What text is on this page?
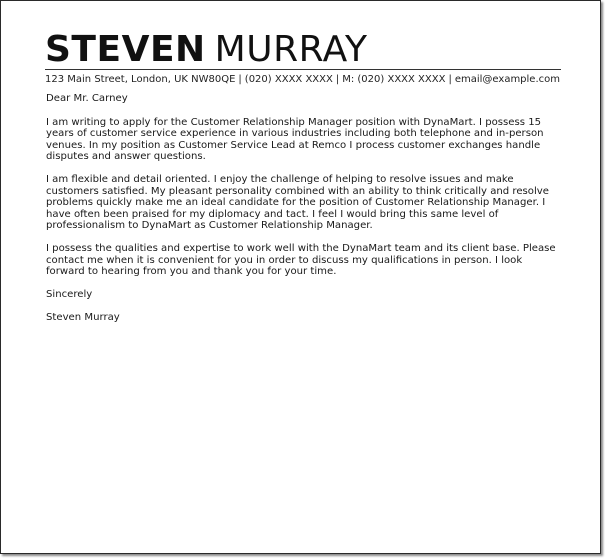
STEVEN MURRAY
123 Main Street, London, UK NW80QE | (020) XXXX XXXX | M: (020) XXXX XXXX | email@example.com

Dear Mr. Carney

I am writing to apply for the Customer Relationship Manager position with DynaMart. I possess 15 years of customer service experience in various industries including both telephone and in-person venues. In my position as Customer Service Lead at Remco I process customer exchanges handle disputes and answer questions.

I am flexible and detail oriented. I enjoy the challenge of helping to resolve issues and make customers satisfied. My pleasant personality combined with an ability to think critically and resolve problems quickly make me an ideal candidate for the position of Customer Relationship Manager. I have often been praised for my diplomacy and tact. I feel I would bring this same level of professionalism to DynaMart as Customer Relationship Manager.

I possess the qualities and expertise to work well with the DynaMart team and its client base. Please contact me when it is convenient for you in order to discuss my qualifications in person. I look forward to hearing from you and thank you for your time.

Sincerely

Steven Murray
